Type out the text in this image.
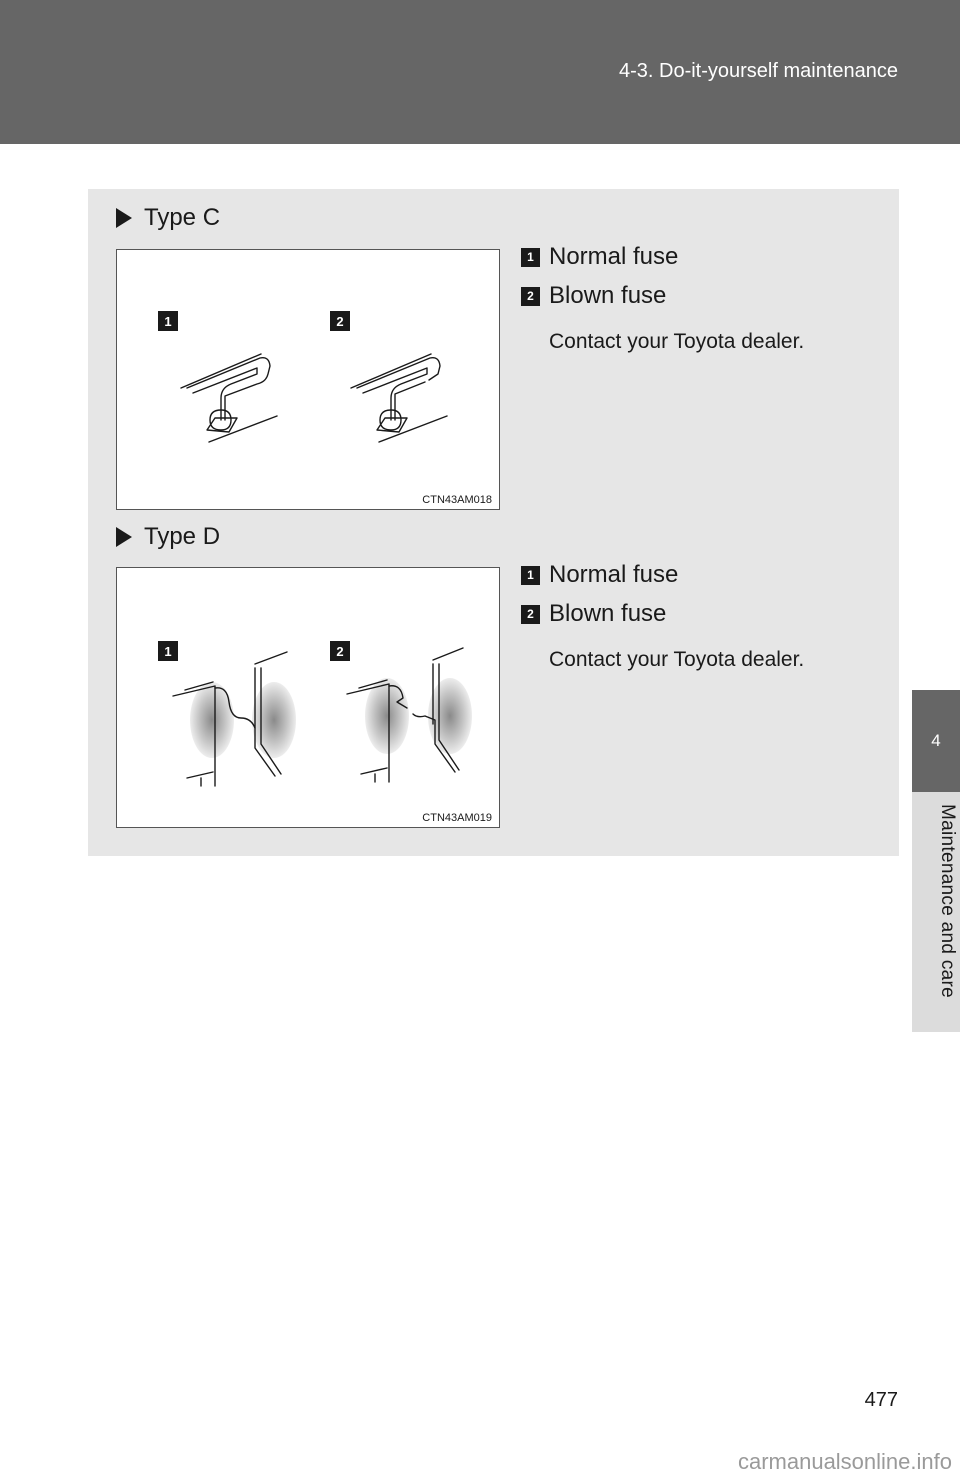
4-3. Do-it-yourself maintenance
4
Maintenance and care
Type C
1	2
CTN43AM018
1 Normal fuse
2 Blown fuse
Contact your Toyota dealer.
Type D
1	2
CTN43AM019
1 Normal fuse
2 Blown fuse
Contact your Toyota dealer.
477
carmanualsonline.info
